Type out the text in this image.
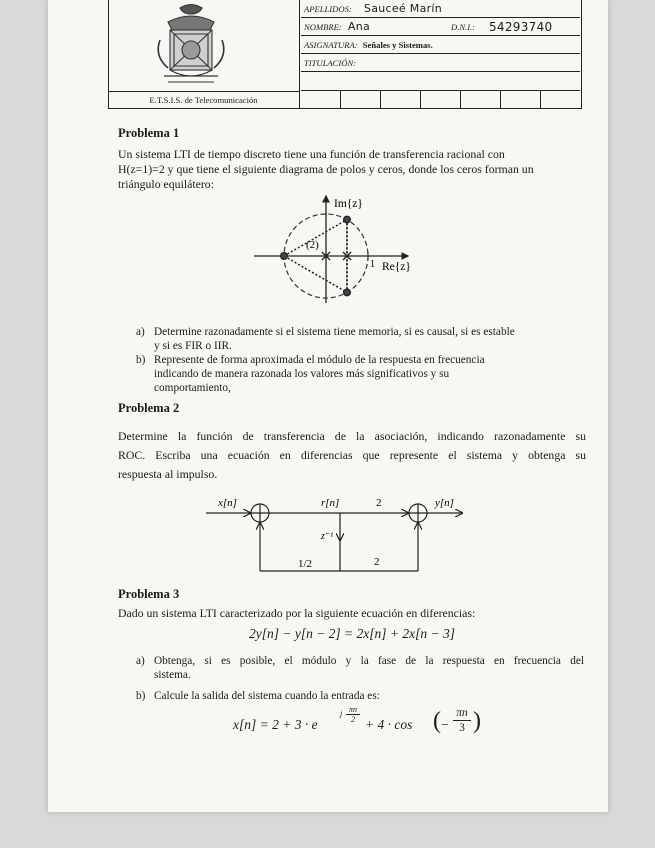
E.T.S.I.S. de Telecomunicación
APELLIDOS: Sauceé Marín
NOMBRE: Ana	D.N.I.: 54293740
ASIGNATURA: Señales y Sistemas.
TITULACIÓN:
Problema 1
Un sistema LTI de tiempo discreto tiene una función de transferencia racional con
H(z=1)=2 y que tiene el siguiente diagrama de polos y ceros, donde los ceros forman un
triángulo equilátero:
Im{z}
Re{z}
(2)
1
a) Determine razonadamente si el sistema tiene memoria, si es causal, si es estable
y si es FIR o IIR.
b) Represente de forma aproximada el módulo de la respuesta en frecuencia
indicando de manera razonada los valores más significativos y su
comportamiento,
Problema 2
Determine la función de transferencia de la asociación, indicando razonadamente su
ROC. Escriba una ecuación en diferencias que represente el sistema y obtenga su
respuesta al impulso.
x[n]	r[n]	2	y[n]
z⁻¹
1/2	2
Problema 3
Dado un sistema LTI caracterizado por la siguiente ecuación en diferencias:
2y[n] − y[n − 2] = 2x[n] + 2x[n − 3]
a) Obtenga, si es posible, el módulo y la fase de la respuesta en frecuencia del
sistema.
b) Calcule la salida del sistema cuando la entrada es:
x[n] = 2 + 3 · e
j πn
2 + 4 · cos ( −
πn
3 )
